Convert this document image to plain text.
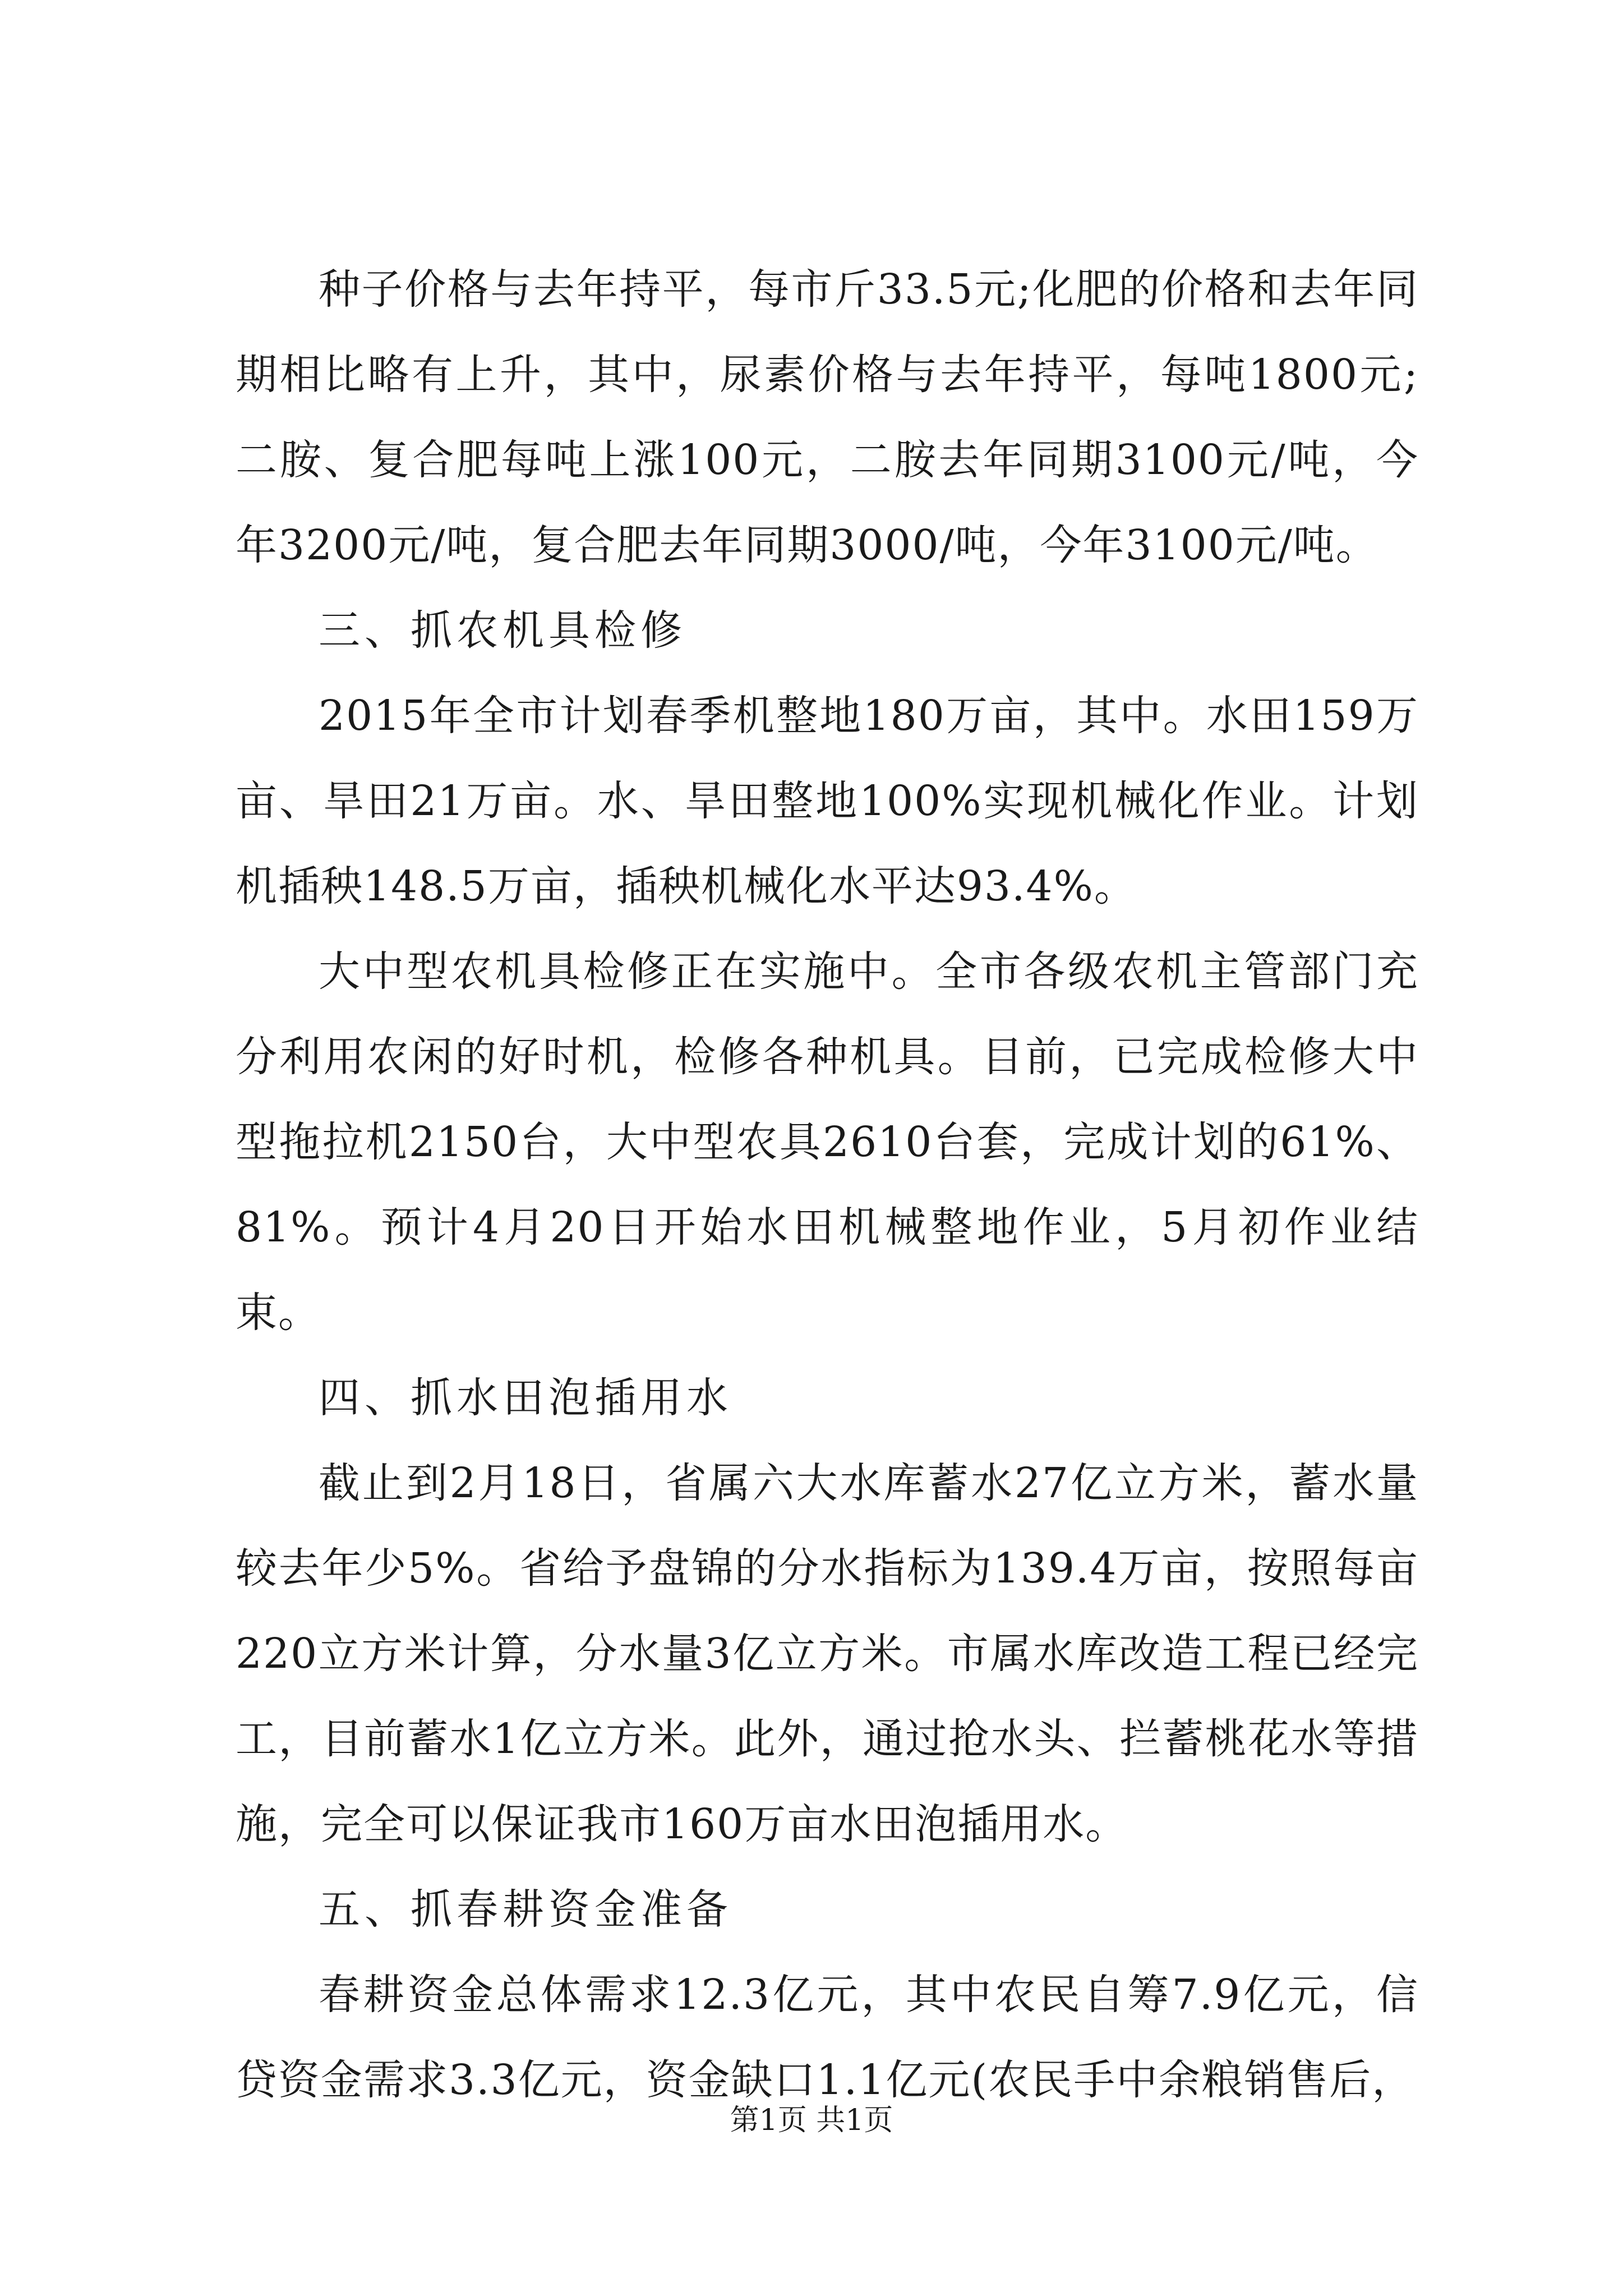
种子价格与去年持平，每市斤33.5元;化肥的价格和去年同期相比略有上升，其中，尿素价格与去年持平，每吨1800元;二胺、复合肥每吨上涨100元，二胺去年同期3100元/吨，今年3200元/吨，复合肥去年同期3000/吨，今年3100元/吨。

三、抓农机具检修

2015年全市计划春季机整地180万亩，其中。水田159万亩、旱田21万亩。水、旱田整地100%实现机械化作业。计划机插秧148.5万亩，插秧机械化水平达93.4%。

大中型农机具检修正在实施中。全市各级农机主管部门充分利用农闲的好时机，检修各种机具。目前，已完成检修大中型拖拉机2150台，大中型农具2610台套，完成计划的61%、81%。预计4月20日开始水田机械整地作业，5月初作业结束。

四、抓水田泡插用水

截止到2月18日，省属六大水库蓄水27亿立方米，蓄水量较去年少5%。省给予盘锦的分水指标为139.4万亩，按照每亩220立方米计算，分水量3亿立方米。市属水库改造工程已经完工，目前蓄水1亿立方米。此外，通过抢水头、拦蓄桃花水等措施，完全可以保证我市160万亩水田泡插用水。

五、抓春耕资金准备

春耕资金总体需求12.3亿元，其中农民自筹7.9亿元，信贷资金需求3.3亿元，资金缺口1.1亿元(农民手中余粮销售后，

第1页 共1页
